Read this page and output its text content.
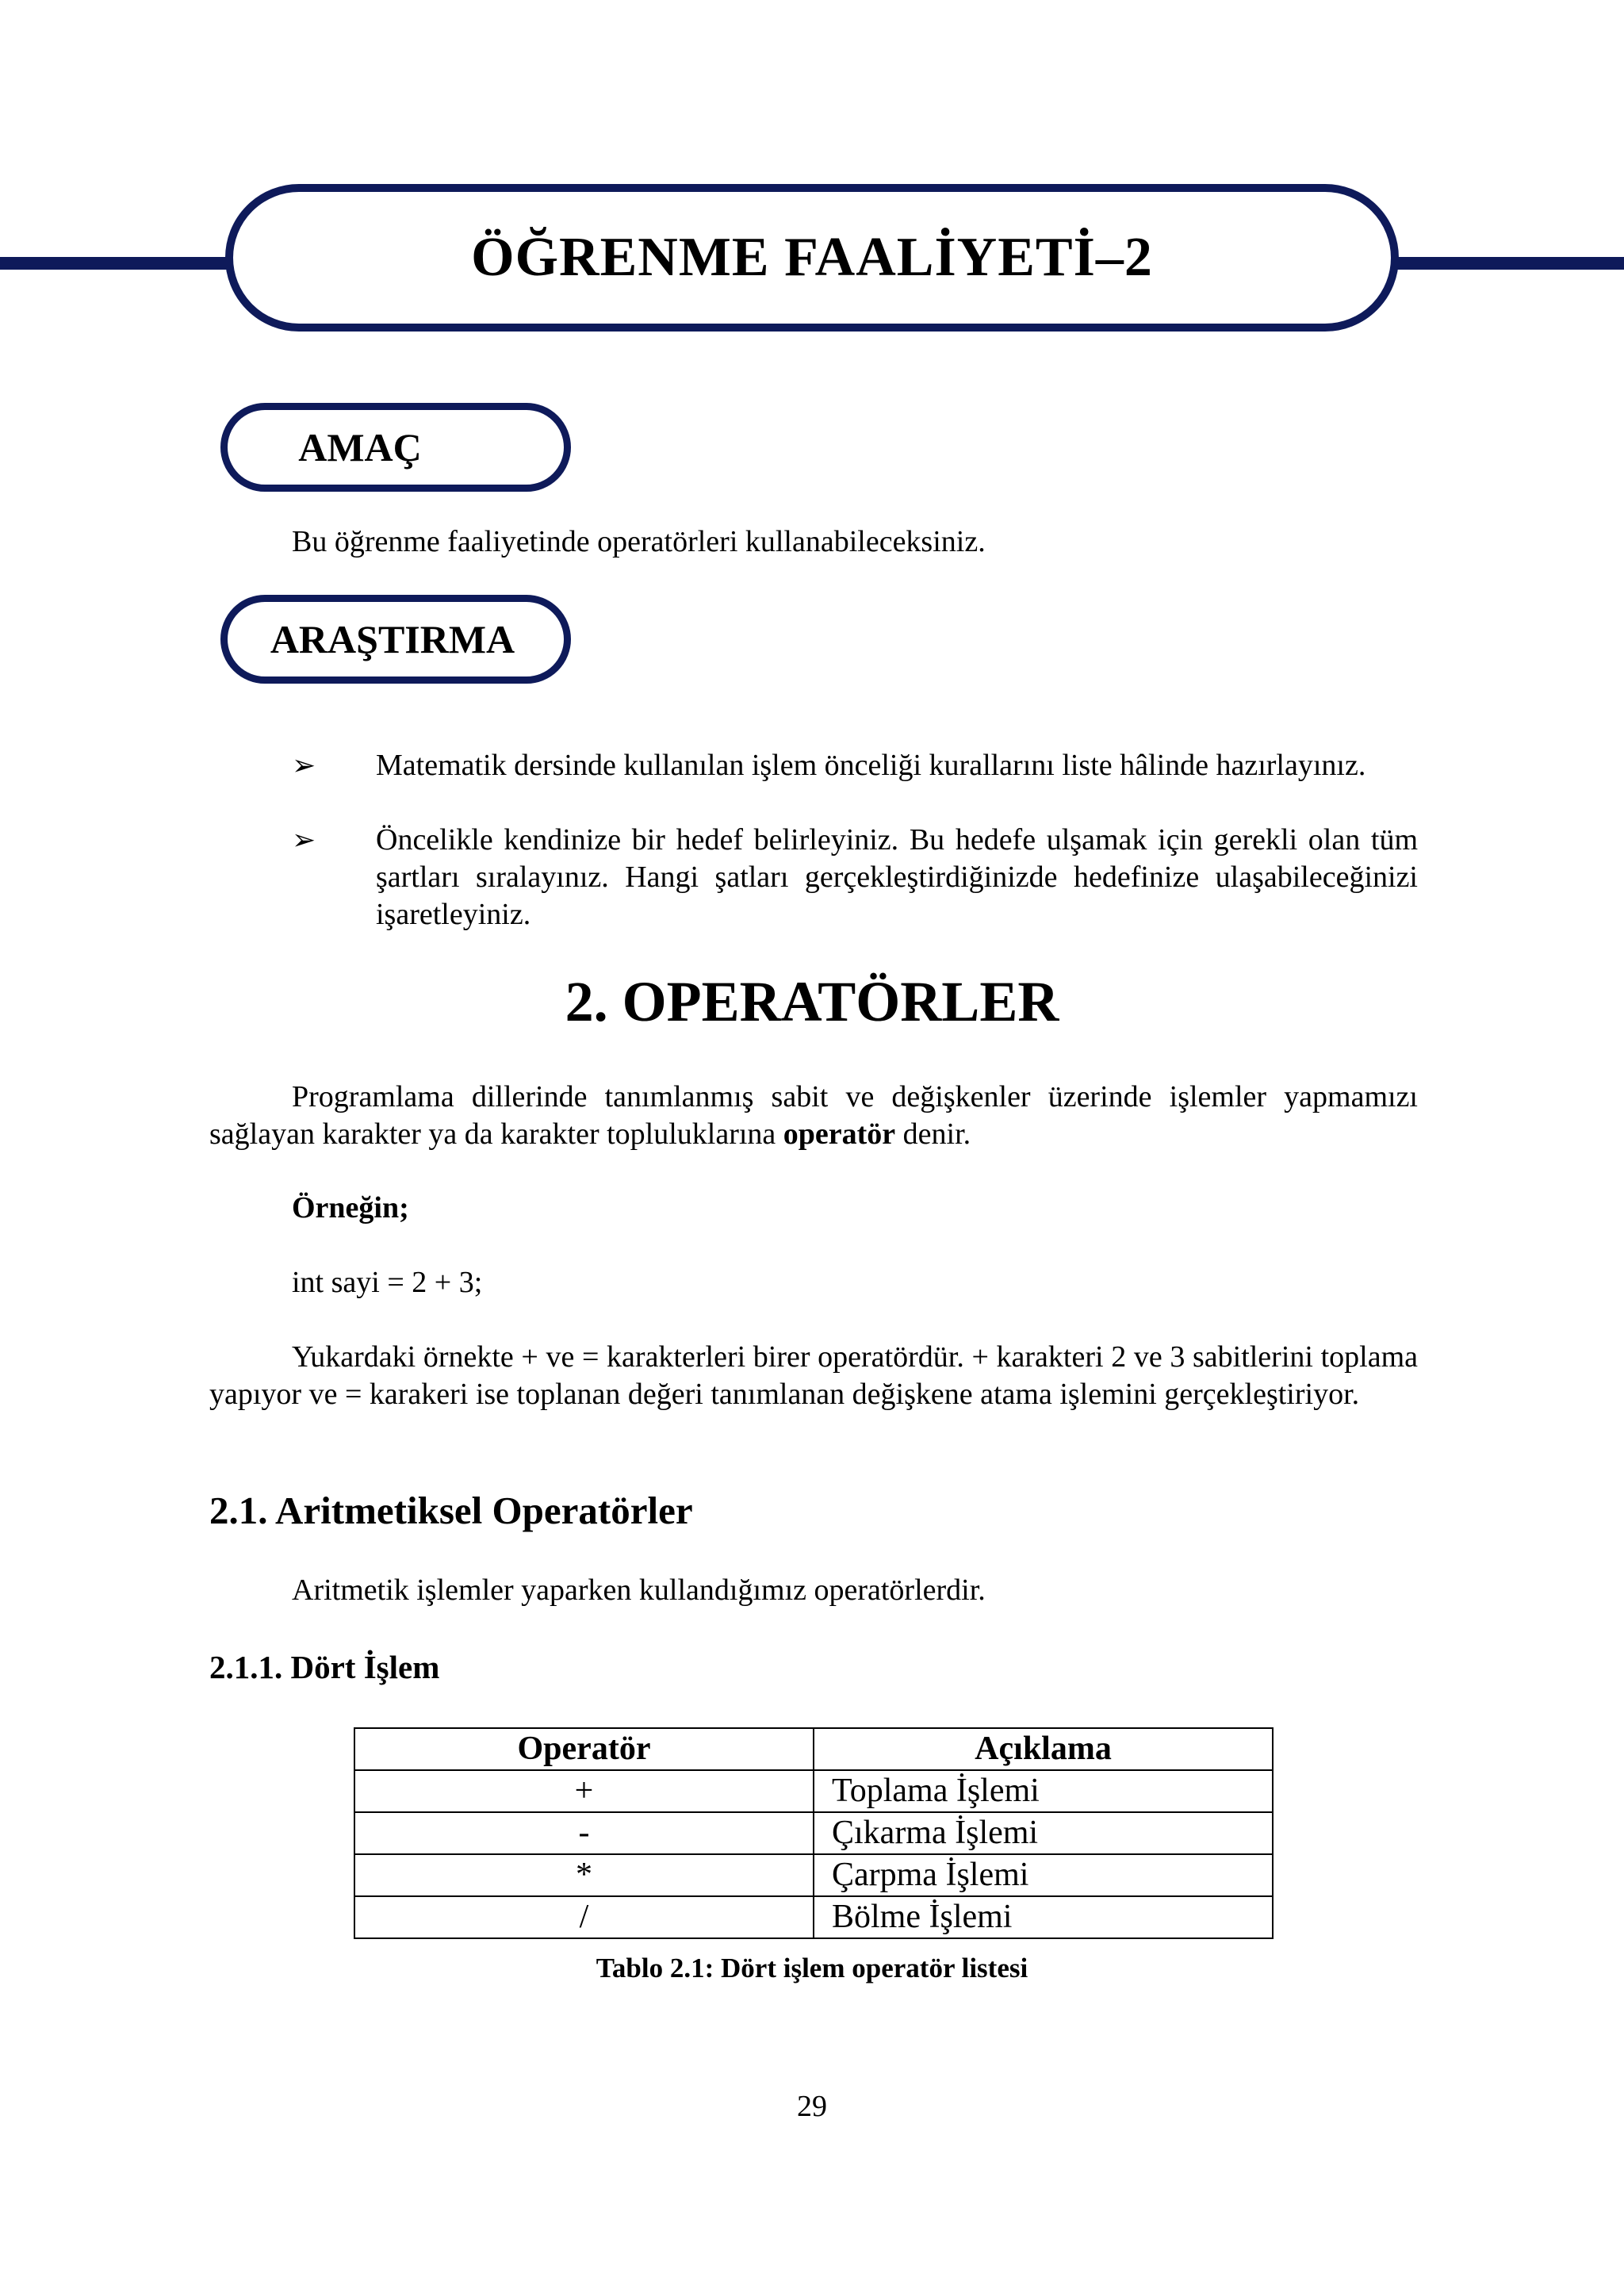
ÖĞRENME FAALİYETİ–2
AMAÇ
Bu öğrenme faaliyetinde operatörleri kullanabileceksiniz.
ARAŞTIRMA
➢ Matematik dersinde kullanılan işlem önceliği kurallarını liste hâlinde hazırlayınız.
➢ Öncelikle kendinize bir hedef belirleyiniz. Bu hedefe ulşamak için gerekli olan tüm şartları sıralayınız. Hangi şatları gerçekleştirdiğinizde hedefinize ulaşabileceğinizi işaretleyiniz.
2. OPERATÖRLER
Programlama dillerinde tanımlanmış sabit ve değişkenler üzerinde işlemler yapmamızı sağlayan karakter ya da karakter topluluklarına operatör denir.
Örneğin;
int sayi = 2 + 3;
Yukardaki örnekte + ve = karakterleri birer operatördür. + karakteri 2 ve 3 sabitlerini toplama yapıyor ve = karakeri ise toplanan değeri tanımlanan değişkene atama işlemini gerçekleştiriyor.
2.1. Aritmetiksel Operatörler
Aritmetik işlemler yaparken kullandığımız operatörlerdir.
2.1.1. Dört İşlem
Operatör	Açıklama
+	Toplama İşlemi
-	Çıkarma İşlemi
*	Çarpma İşlemi
/	Bölme İşlemi
Tablo 2.1: Dört işlem operatör listesi
29
